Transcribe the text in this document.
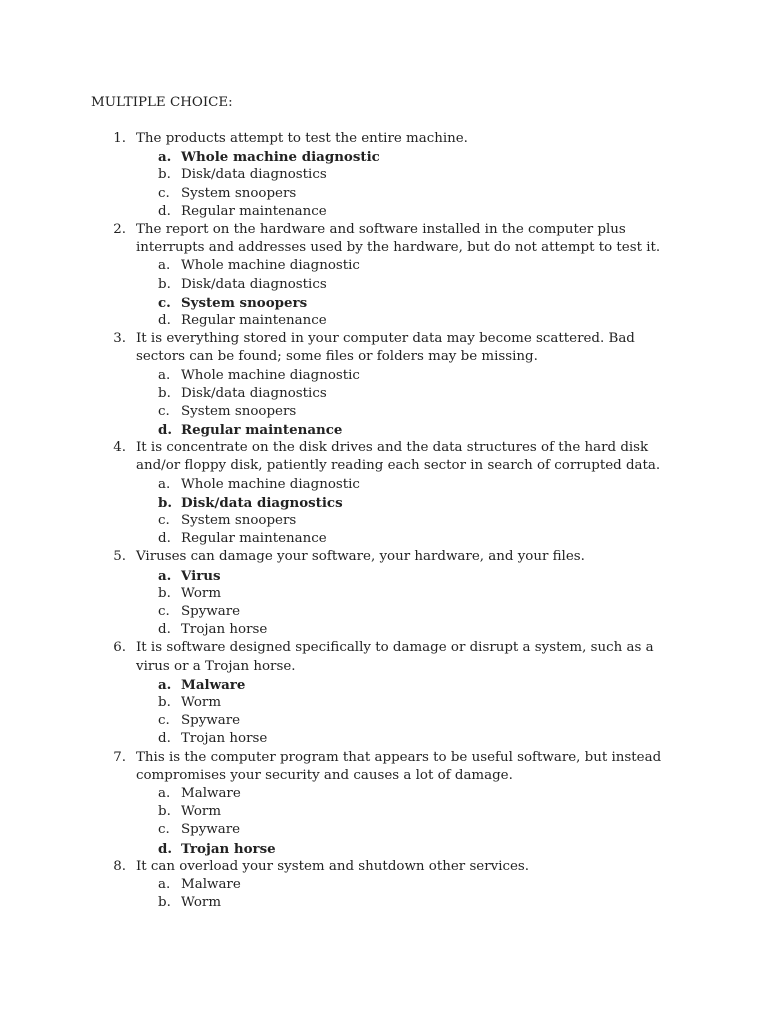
MULTIPLE CHOICE:
1. The products attempt to test the entire machine.

a. Whole machine diagnostic
b. Disk/data diagnostics
c. System snoopers
d. Regular maintenance
2. The report on the hardware and software installed in the computer plus interrupts and addresses used by the hardware, but do not attempt to test it.

a. Whole machine diagnostic
b. Disk/data diagnostics
c. System snoopers
d. Regular maintenance
3. It is everything stored in your computer data may become scattered. Bad sectors can be found; some files or folders may be missing.

a. Whole machine diagnostic
b. Disk/data diagnostics
c. System snoopers
d. Regular maintenance
4. It is concentrate on the disk drives and the data structures of the hard disk and/or floppy disk, patiently reading each sector in search of corrupted data.

a. Whole machine diagnostic
b. Disk/data diagnostics
c. System snoopers
d. Regular maintenance
5. Viruses can damage your software, your hardware, and your files.

a. Virus
b. Worm
c. Spyware
d. Trojan horse
6. It is software designed specifically to damage or disrupt a system, such as a virus or a Trojan horse.

a. Malware
b. Worm
c. Spyware
d. Trojan horse
7. This is the computer program that appears to be useful software, but instead compromises your security and causes a lot of damage.

a. Malware
b. Worm
c. Spyware
d. Trojan horse
8. It can overload your system and shutdown other services.

a. Malware
b. Worm
